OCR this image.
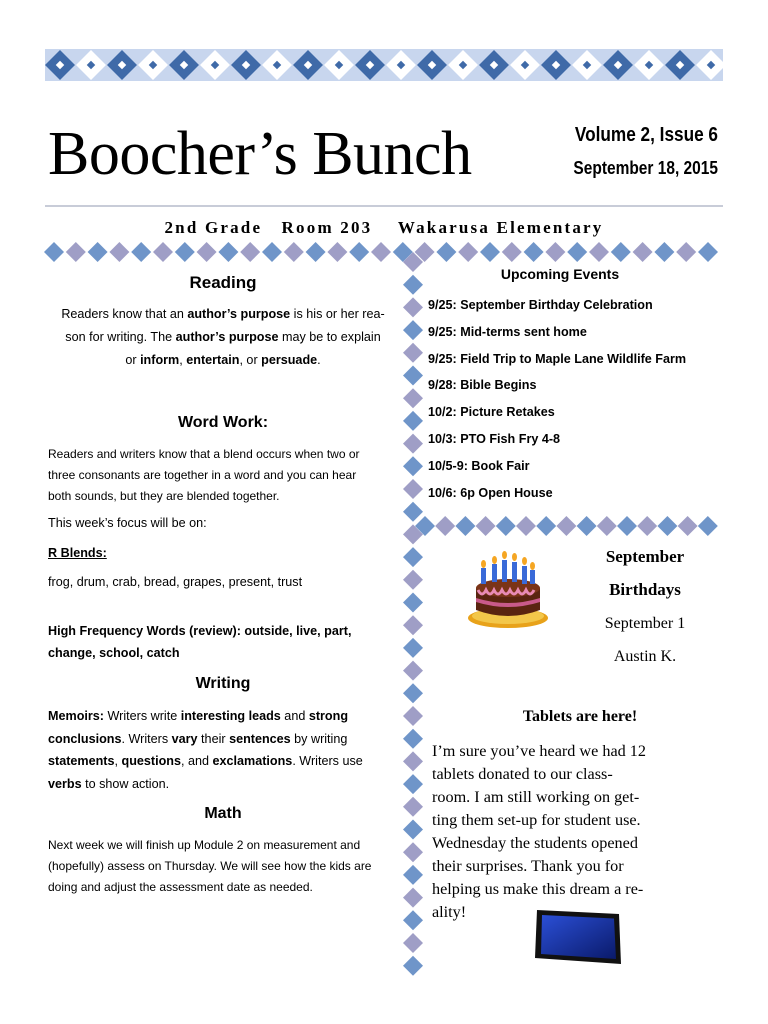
Boocher’s Bunch	Volume 2, Issue 6
September 18, 2015
2nd Grade   Room 203    Wakarusa Elementary
Reading
Readers know that an author’s purpose is his or her rea-
son for writing. The author’s purpose may be to explain
or inform, entertain, or persuade.
Word Work:
Readers and writers know that a blend occurs when two or
three consonants are together in a word and you can hear
both sounds, but they are blended together.
This week’s focus will be on:
R Blends:
frog, drum, crab, bread, grapes, present, trust
High Frequency Words (review): outside, live, part,
change, school, catch
Writing
Memoirs: Writers write interesting leads and strong
conclusions. Writers vary their sentences by writing
statements, questions, and exclamations. Writers use
verbs to show action.
Math
Next week we will finish up Module 2 on measurement and
(hopefully) assess on Thursday. We will see how the kids are
doing and adjust the assessment date as needed.
Upcoming Events
9/25: September Birthday Celebration
9/25: Mid-terms sent home
9/25: Field Trip to Maple Lane Wildlife Farm
9/28: Bible Begins
10/2: Picture Retakes
10/3: PTO Fish Fry 4-8
10/5-9: Book Fair
10/6: 6p Open House
September
Birthdays
September 1
Austin K.
Tablets are here!
I’m sure you’ve heard we had 12
tablets donated to our class-
room. I am still working on get-
ting them set-up for student use.
Wednesday the students opened
their surprises. Thank you for
helping us make this dream a re-
ality!
